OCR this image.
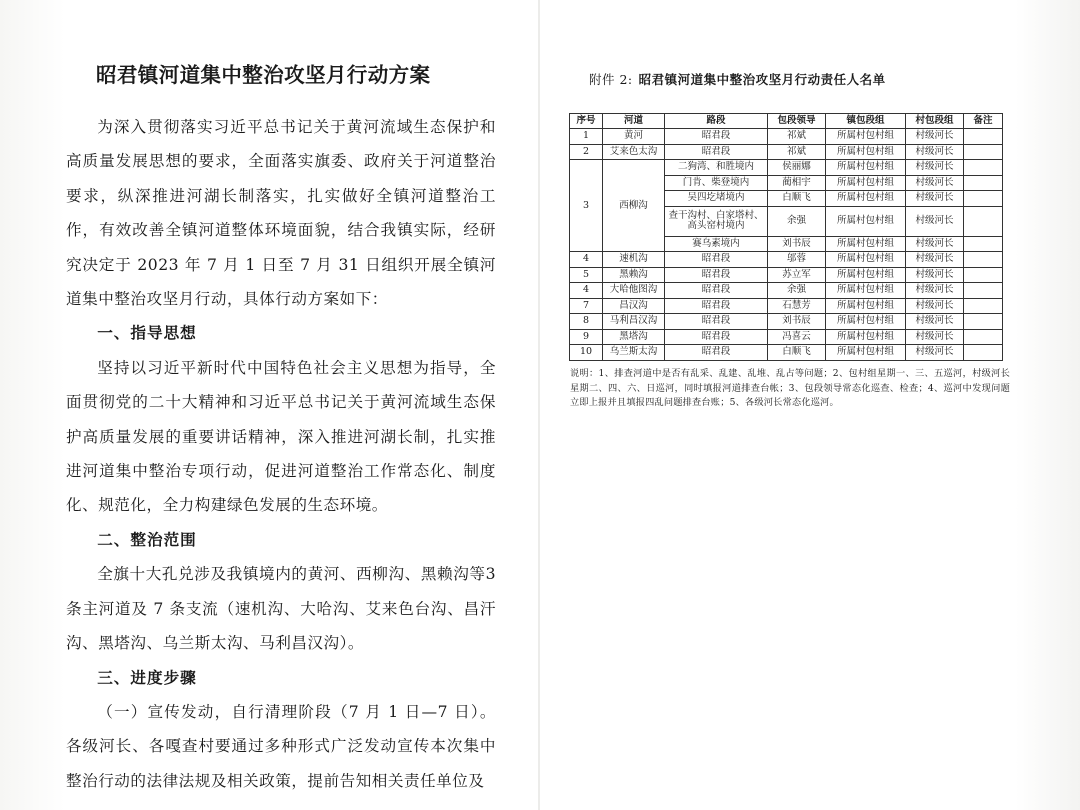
昭君镇河道集中整治攻坚月行动方案

为深入贯彻落实习近平总书记关于黄河流域生态保护和高质量发展思想的要求，全面落实旗委、政府关于河道整治要求，纵深推进河湖长制落实，扎实做好全镇河道整治工作，有效改善全镇河道整体环境面貌，结合我镇实际，经研究决定于 2023 年 7 月 1 日至 7 月 31 日组织开展全镇河道集中整治攻坚月行动，具体行动方案如下：

一、指导思想

坚持以习近平新时代中国特色社会主义思想为指导，全面贯彻党的二十大精神和习近平总书记关于黄河流域生态保护高质量发展的重要讲话精神，深入推进河湖长制，扎实推进河道集中整治专项行动，促进河道整治工作常态化、制度化、规范化，全力构建绿色发展的生态环境。

二、整治范围

全旗十大孔兑涉及我镇境内的黄河、西柳沟、黑赖沟等3 条主河道及 7 条支流（速机沟、大哈沟、艾来色台沟、昌汗沟、黑塔沟、乌兰斯太沟、马利昌汉沟）。

三、进度步骤

（一）宣传发动，自行清理阶段（7 月 1 日—7 日）。各级河长、各嘎查村要通过多种形式广泛发动宣传本次集中整治行动的法律法规及相关政策，提前告知相关责任单位及

附件 2: 昭君镇河道集中整治攻坚月行动责任人名单
序号	河道	路段	包段领导	镇包段组	村包段组	备注
1	黄河	昭君段	祁斌	所属村包村组	村级河长	
2	艾来色太沟	昭君段	祁斌	所属村包村组	村级河长	
3	西柳沟	二狗湾、和胜境内	侯丽娜	所属村包村组	村级河长	
		门肯、柴登境内	蔺相宇	所属村包村组	村级河长	
		吴四圪堵境内	白顺飞	所属村包村组	村级河长	
		查干沟村、白家塔村、高头窑村境内	余强	所属村包村组	村级河长	
		赛乌素境内	刘书辰	所属村包村组	村级河长	
4	速机沟	昭君段	邬蓉	所属村包村组	村级河长	
5	黑赖沟	昭君段	苏立军	所属村包村组	村级河长	
4	大哈他图沟	昭君段	余强	所属村包村组	村级河长	
7	昌汉沟	昭君段	石慧芳	所属村包村组	村级河长	
8	马利昌汉沟	昭君段	刘书辰	所属村包村组	村级河长	
9	黑塔沟	昭君段	冯喜云	所属村包村组	村级河长	
10	乌兰斯太沟	昭君段	白顺飞	所属村包村组	村级河长	
说明：1、排查河道中是否有乱采、乱建、乱堆、乱占等问题；2、包村组星期一、三、五巡河，村级河长星期二、四、六、日巡河，同时填报河道排查台帐；3、包段领导常态化巡查、检查；4、巡河中发现问题立即上报并且填报四乱问题排查台账；5、各级河长常态化巡河。
